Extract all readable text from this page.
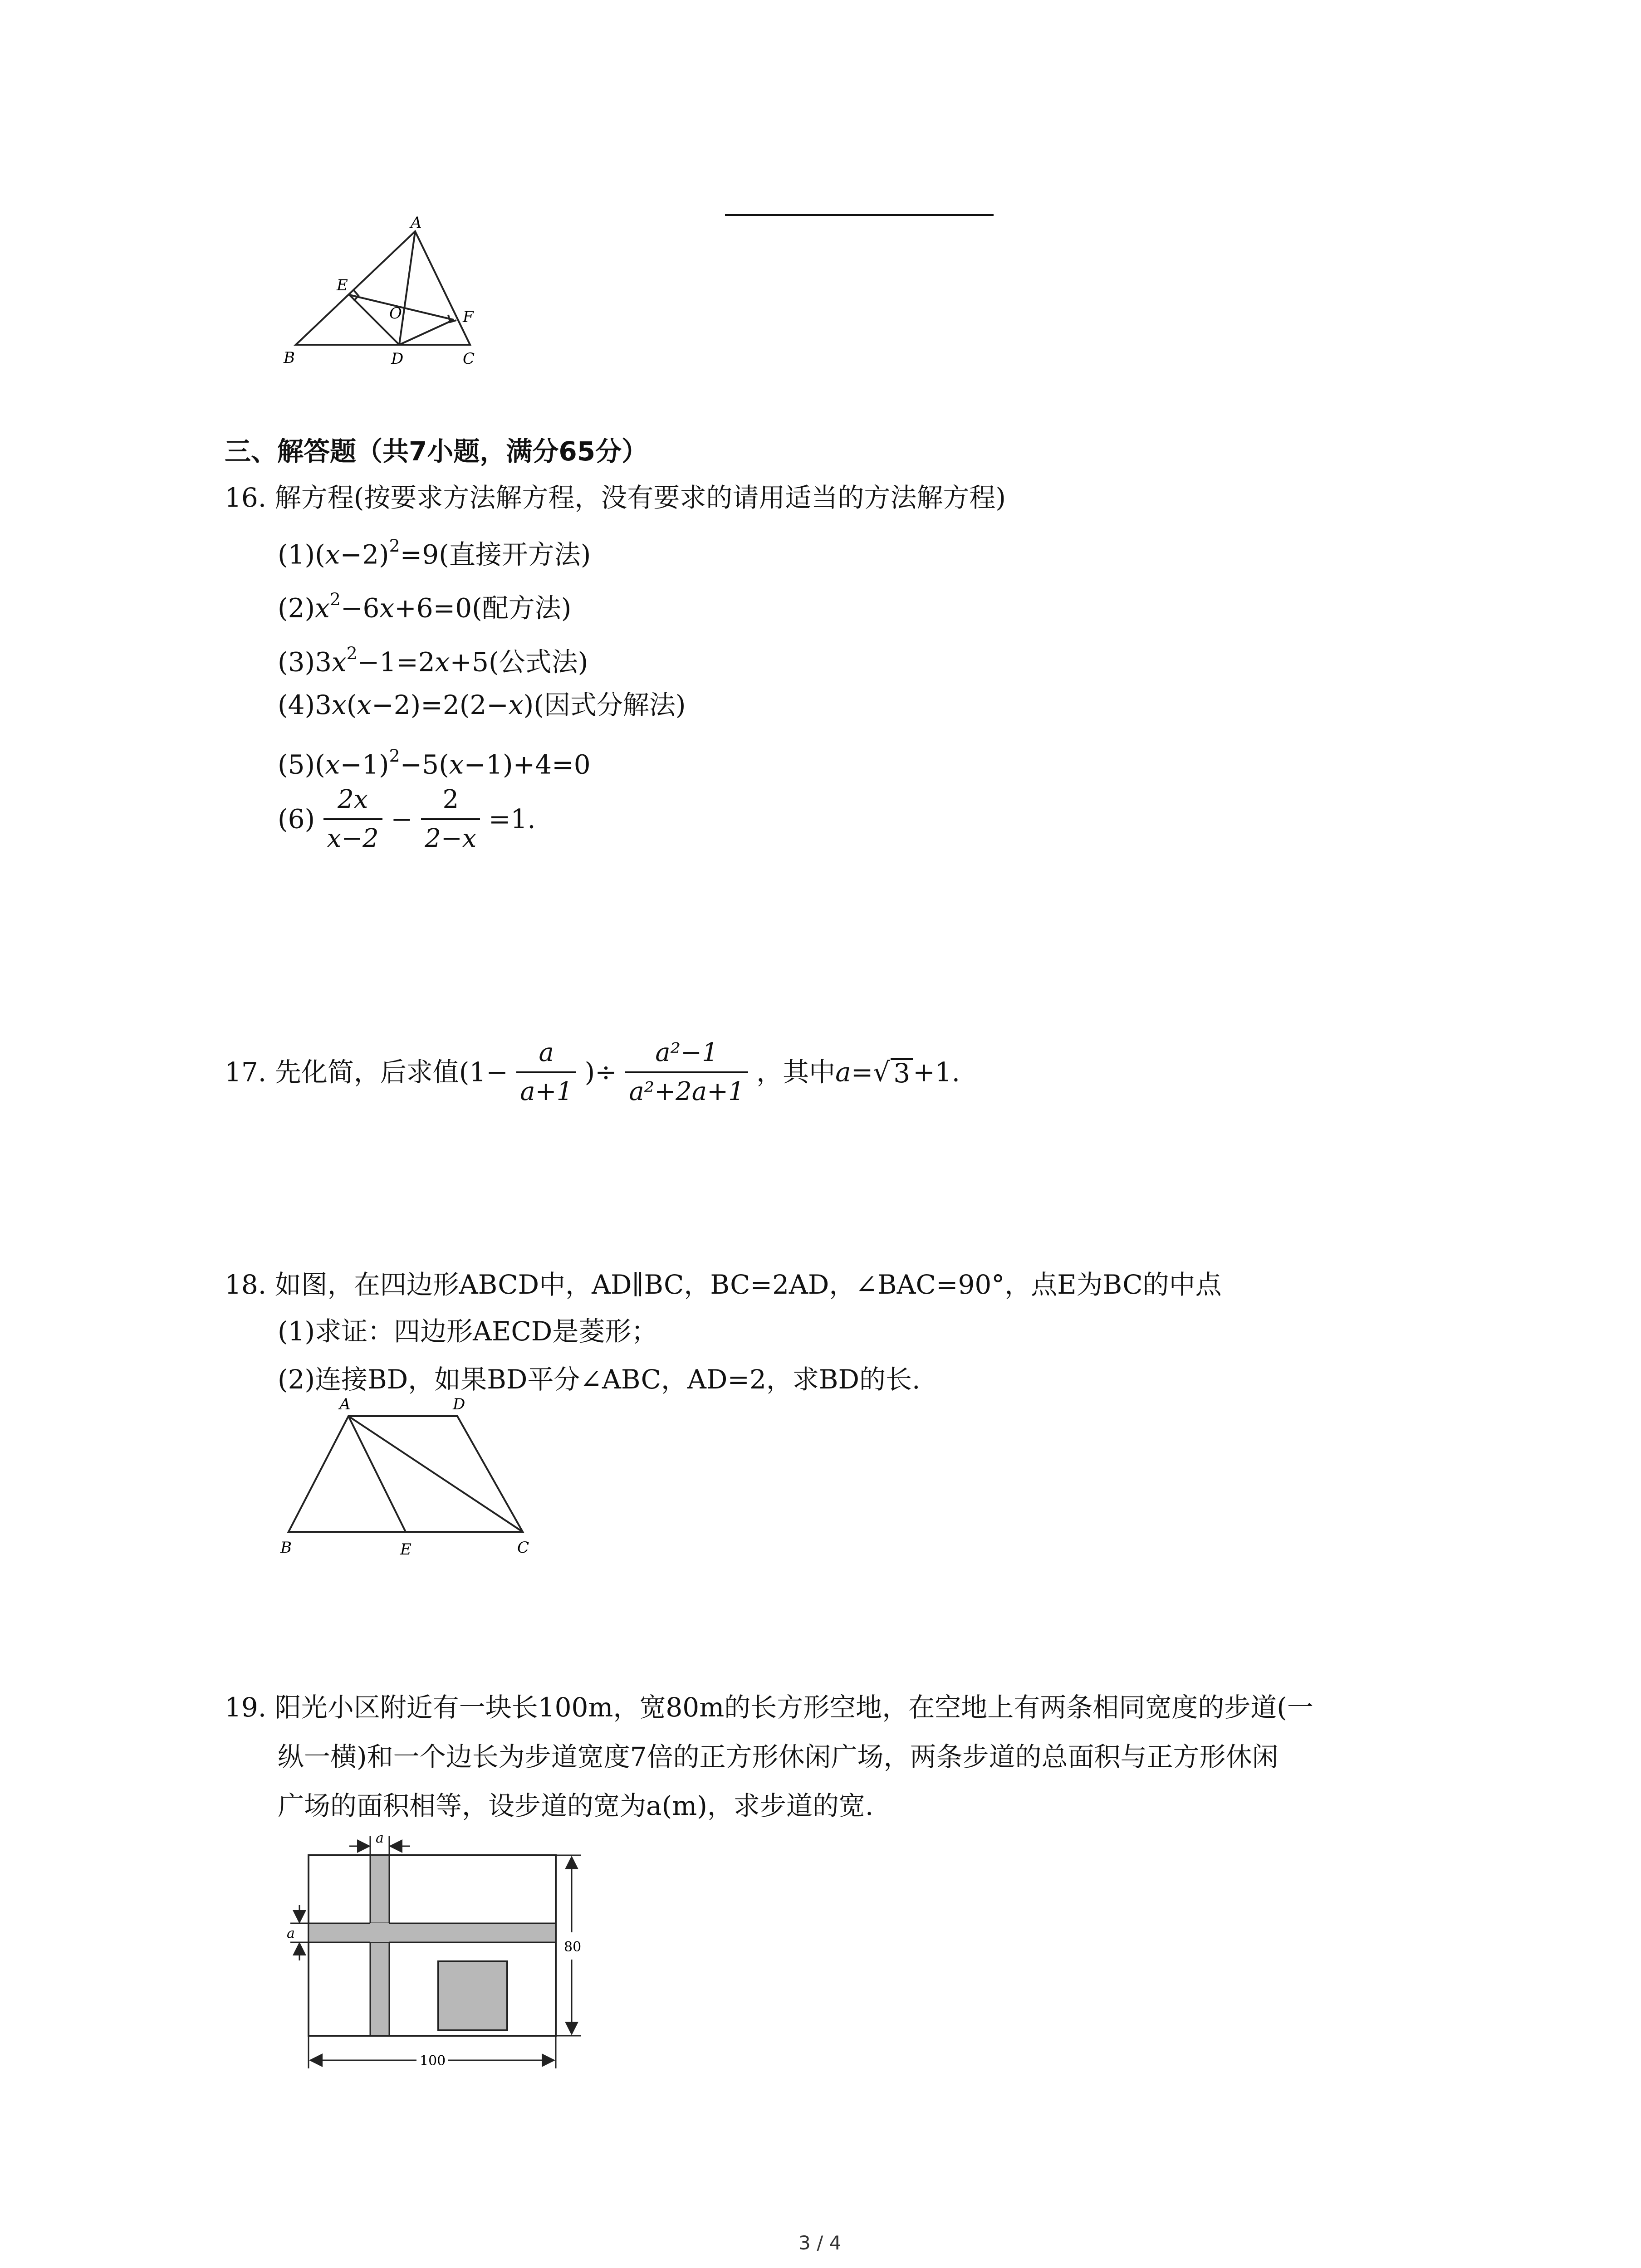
A
B	C
D
E
F
O
三、解答题（共7小题，满分65分）
16. 解方程(按要求方法解方程，没有要求的请用适当的方法解方程)
$(1)(x-2)^2=9$(直接开方法)
$(2)x^2-6x+6=0$(配方法)
$(3)3x^2-1=2x+5$(公式法)
(4)3x(x−2)=2(2−x)(因式分解法)
$(5)(x-1)^2-5(x-1)+4=0$
$(6) \frac{2x}{x-2} - \frac{2}{2-x} =1$.
17. 先化简，后求值($1- \frac{a}{a+1}$ )÷ $\frac{\text{a²−1}}{\text{a²+2a+1}}$ ，其中a=√ 3 +1.
18. 如图，在四边形ABCD中，AD∥BC，BC=2AD，∠BAC=90°，点E为BC的中点
(1)求证：四边形AECD是菱形；
(2)连接BD，如果BD平分∠ABC，AD=2，求BD的长.
A	D
B	E	C
19. 阳光小区附近有一块长100m，宽80m的长方形空地，在空地上有两条相同宽度的步道(一
纵一横)和一个边长为步道宽度7倍的正方形休闲广场，两条步道的总面积与正方形休闲
广场的面积相等，设步道的宽为a(m)，求步道的宽.
a
a
80
100
3 / 4
